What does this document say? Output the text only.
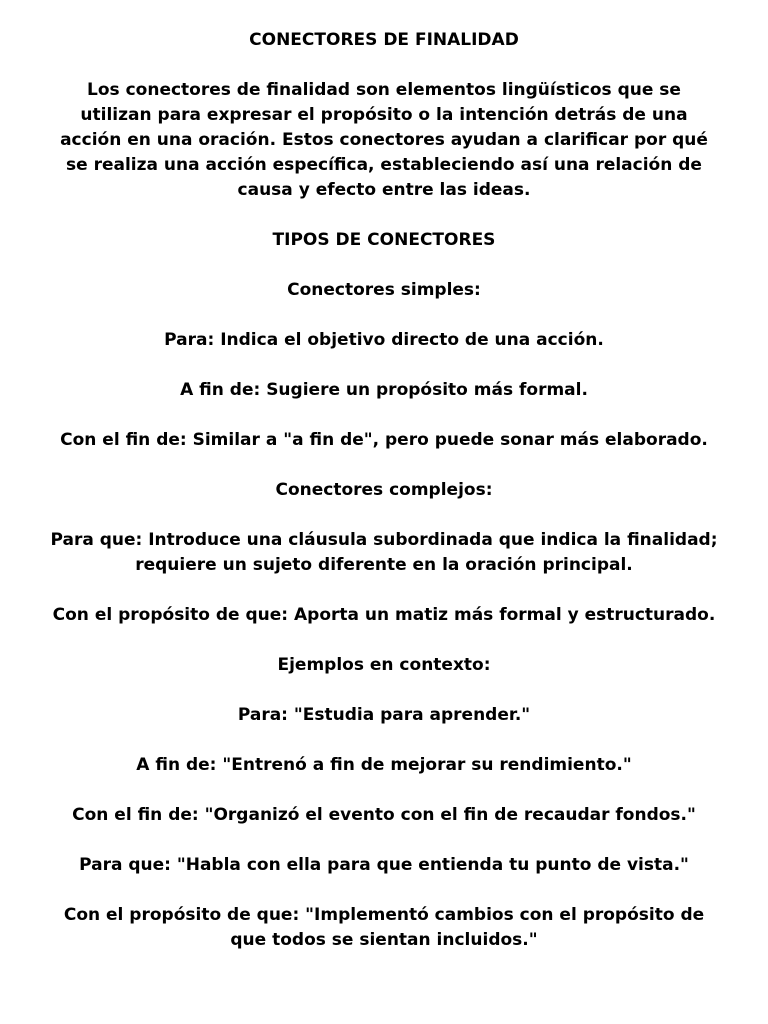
CONECTORES DE FINALIDAD

Los conectores de finalidad son elementos lingüísticos que se utilizan para expresar el propósito o la intención detrás de una acción en una oración. Estos conectores ayudan a clarificar por qué se realiza una acción específica, estableciendo así una relación de causa y efecto entre las ideas.

TIPOS DE CONECTORES

Conectores simples:

Para: Indica el objetivo directo de una acción.

A fin de: Sugiere un propósito más formal.

Con el fin de: Similar a "a fin de", pero puede sonar más elaborado.

Conectores complejos:

Para que: Introduce una cláusula subordinada que indica la finalidad; requiere un sujeto diferente en la oración principal.

Con el propósito de que: Aporta un matiz más formal y estructurado.

Ejemplos en contexto:

Para: "Estudia para aprender."

A fin de: "Entrenó a fin de mejorar su rendimiento."

Con el fin de: "Organizó el evento con el fin de recaudar fondos."

Para que: "Habla con ella para que entienda tu punto de vista."

Con el propósito de que: "Implementó cambios con el propósito de que todos se sientan incluidos."
